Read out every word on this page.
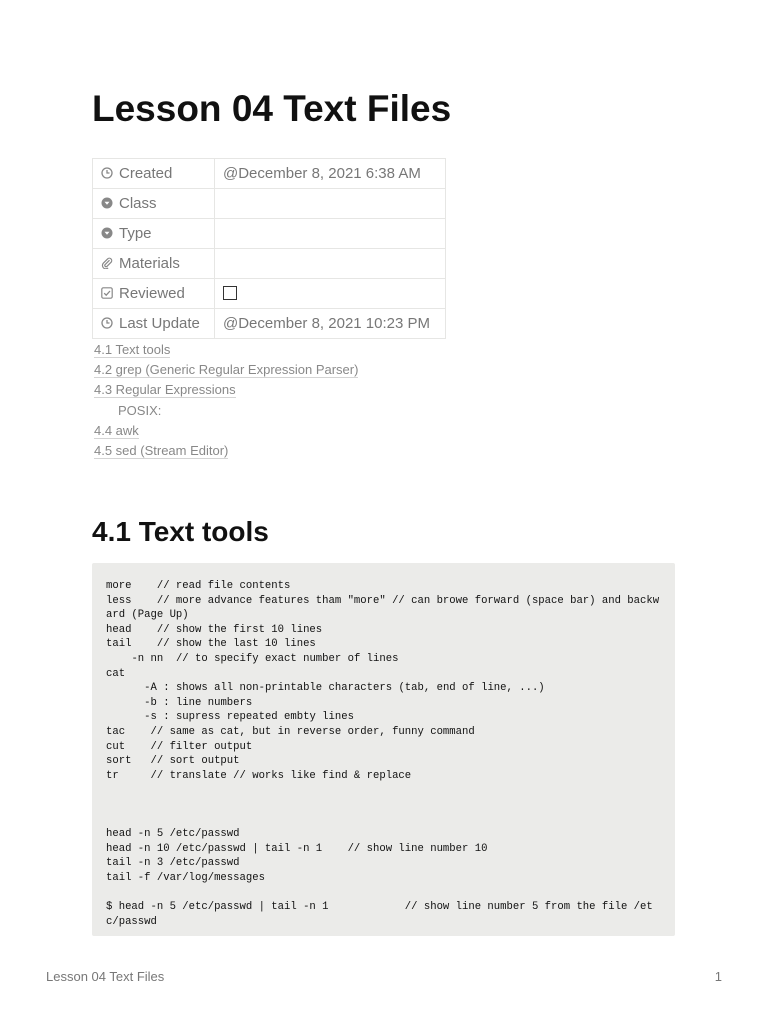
Lesson 04 Text Files
Created	@December 8, 2021 6:38 AM
Class	
Type	
Materials	
Reviewed	
Last Update	@December 8, 2021 10:23 PM
4.1 Text tools
4.2 grep (Generic Regular Expression Parser)
4.3 Regular Expressions
POSIX:
4.4 awk
4.5 sed (Stream Editor)
4.1 Text tools
more    // read file contents
less    // more advance features tham "more" // can browe forward (space bar) and backward (Page Up)
head    // show the first 10 lines
tail    // show the last 10 lines
-n nn  // to specify exact number of lines
cat
-A : shows all non-printable characters (tab, end of line, ...)
-b : line numbers
-s : supress repeated embty lines
tac    // same as cat, but in reverse order, funny command
cut    // filter output
sort   // sort output
tr     // translate // works like find & replace

head -n 5 /etc/passwd
head -n 10 /etc/passwd | tail -n 1    // show line number 10
tail -n 3 /etc/passwd
tail -f /var/log/messages

$ head -n 5 /etc/passwd | tail -n 1            // show line number 5 from the file /etc/passwd
Lesson 04 Text Files	1
